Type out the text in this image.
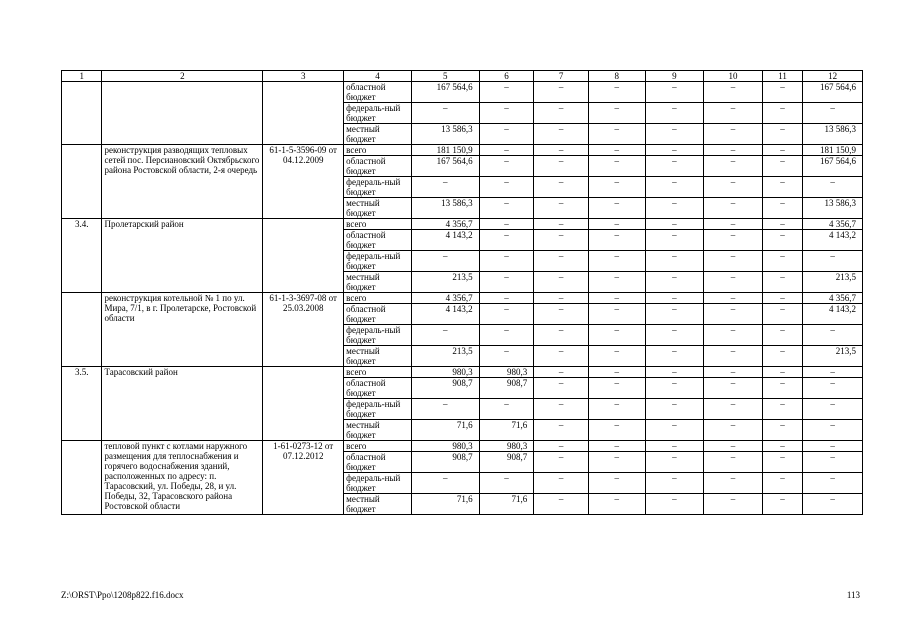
1	2	3	4	5	6	7	8	9	10	11	12
			областной бюджет	167 564,6	–	–	–	–	–	–	167 564,6
			федераль-ный бюджет	–	–	–	–	–	–	–	–
			местный бюджет	13 586,3	–	–	–	–	–	–	13 586,3
	реконструкция разводящих тепловых сетей пос. Персиановский Октябрьского района Ростовской области, 2-я очередь	61-1-5-3596-09 от 04.12.2009	всего	181 150,9	–	–	–	–	–	–	181 150,9
			областной бюджет	167 564,6	–	–	–	–	–	–	167 564,6
			федераль-ный бюджет	–	–	–	–	–	–	–	–
			местный бюджет	13 586,3	–	–	–	–	–	–	13 586,3
3.4.	Пролетарский район		всего	4 356,7	–	–	–	–	–	–	4 356,7
			областной бюджет	4 143,2	–	–	–	–	–	–	4 143,2
			федераль-ный бюджет	–	–	–	–	–	–	–	–
			местный бюджет	213,5	–	–	–	–	–	–	213,5
	реконструкция котельной № 1 по ул. Мира, 7/1, в г. Пролетарске, Ростовской области	61-1-3-3697-08 от 25.03.2008	всего	4 356,7	–	–	–	–	–	–	4 356,7
			областной бюджет	4 143,2	–	–	–	–	–	–	4 143,2
			федераль-ный бюджет	–	–	–	–	–	–	–	–
			местный бюджет	213,5	–	–	–	–	–	–	213,5
3.5.	Тарасовский район		всего	980,3	980,3	–	–	–	–	–	–
			областной бюджет	908,7	908,7	–	–	–	–	–	–
			федераль-ный бюджет	–	–	–	–	–	–	–	–
			местный бюджет	71,6	71,6	–	–	–	–	–	–
	тепловой пункт с котлами наружного размещения для теплоснабжения и горячего водоснабжения зданий, расположенных по адресу: п. Тарасовский, ул. Победы, 28, и ул. Победы, 32, Тарасовского района Ростовской области	1-61-0273-12 от 07.12.2012	всего	980,3	980,3	–	–	–	–	–	–
			областной бюджет	908,7	908,7	–	–	–	–	–	–
			федераль-ный бюджет	–	–	–	–	–	–	–	–
			местный бюджет	71,6	71,6	–	–	–	–	–	–
Z:\ORST\Ppo\1208p822.f16.docx	113
